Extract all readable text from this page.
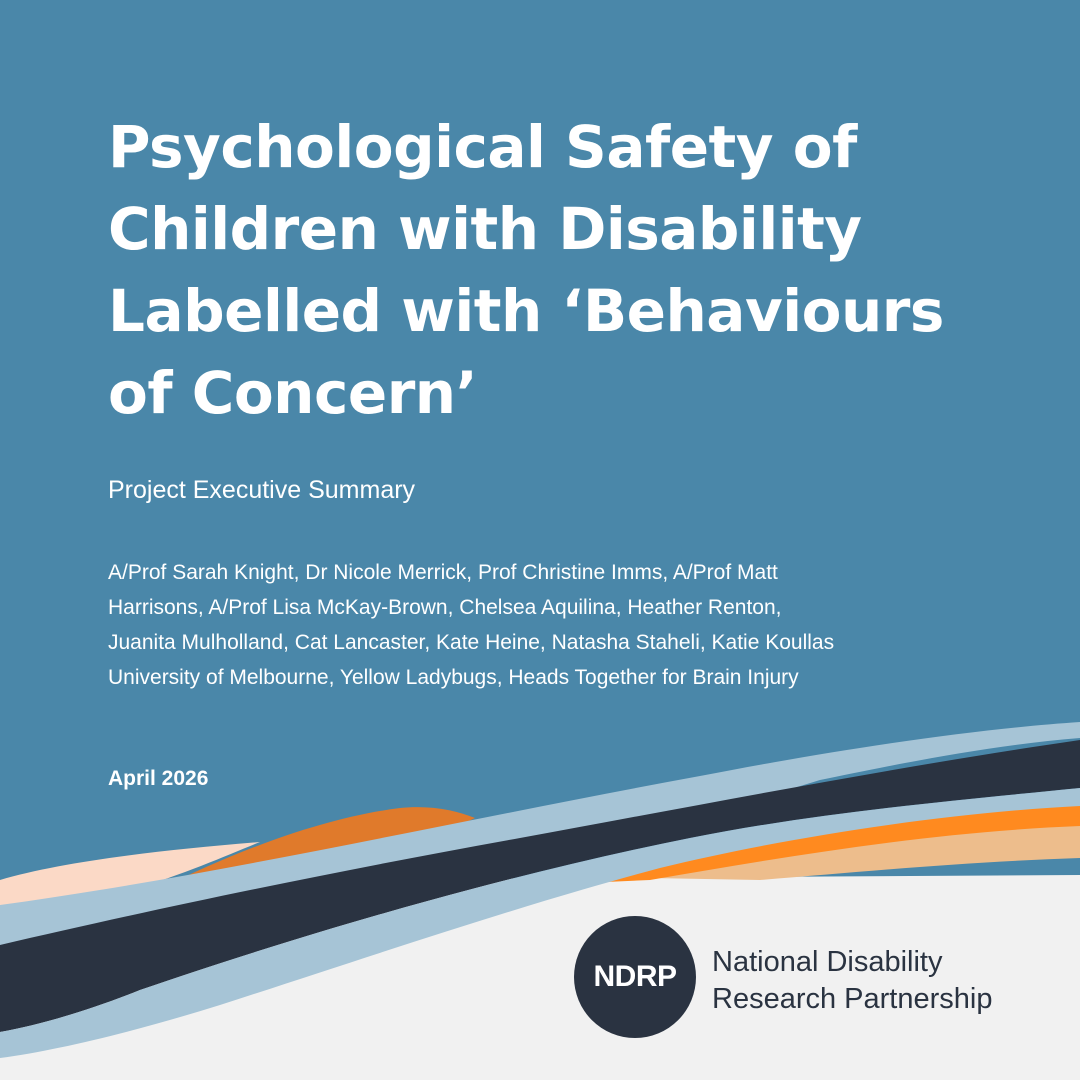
Psychological Safety of Children with Disability Labelled with ‘Behaviours of Concern’

Project Executive Summary

A/Prof Sarah Knight, Dr Nicole Merrick, Prof Christine Imms, A/Prof Matt
Harrisons, A/Prof Lisa McKay-Brown, Chelsea Aquilina, Heather Renton,
Juanita Mulholland, Cat Lancaster, Kate Heine, Natasha Staheli, Katie Koullas
University of Melbourne, Yellow Ladybugs, Heads Together for Brain Injury

April 2026

NDRP National Disability
Research Partnership
